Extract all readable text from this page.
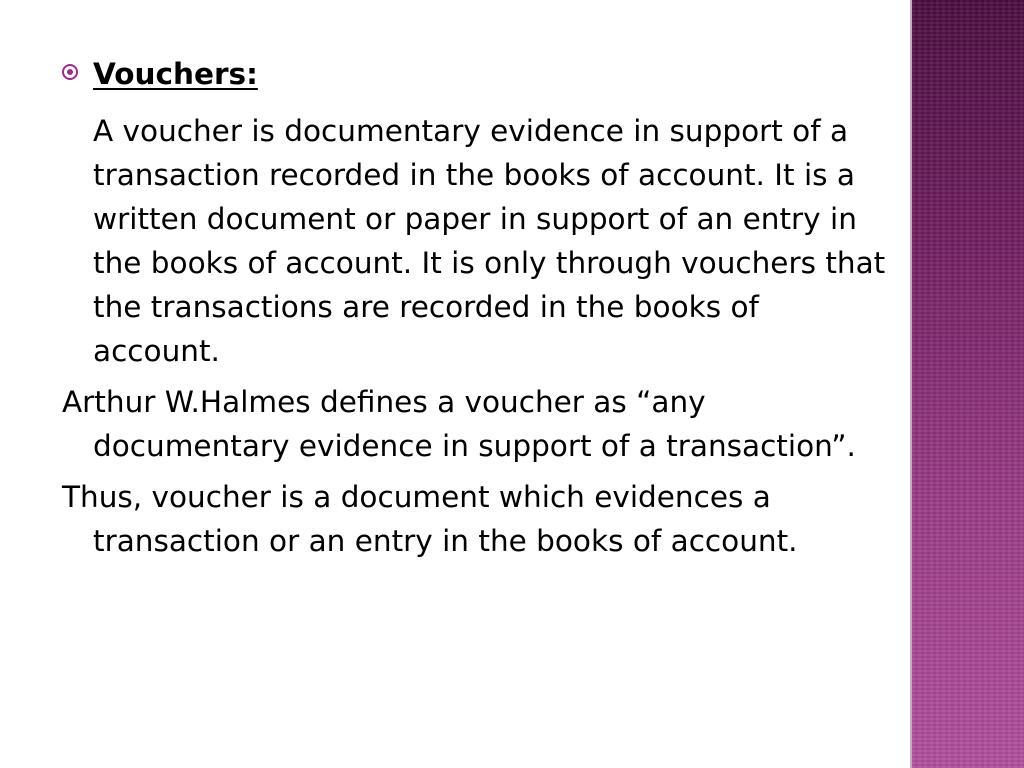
Vouchers:
A voucher is documentary evidence in support of a transaction recorded in the books of account. It is a written document or paper in support of an entry in the books of account. It is only through vouchers that the transactions are recorded in the books of account.
Arthur W.Halmes defines a voucher as “any documentary evidence in support of a transaction”.
Thus, voucher is a document which evidences a transaction or an entry in the books of account.
